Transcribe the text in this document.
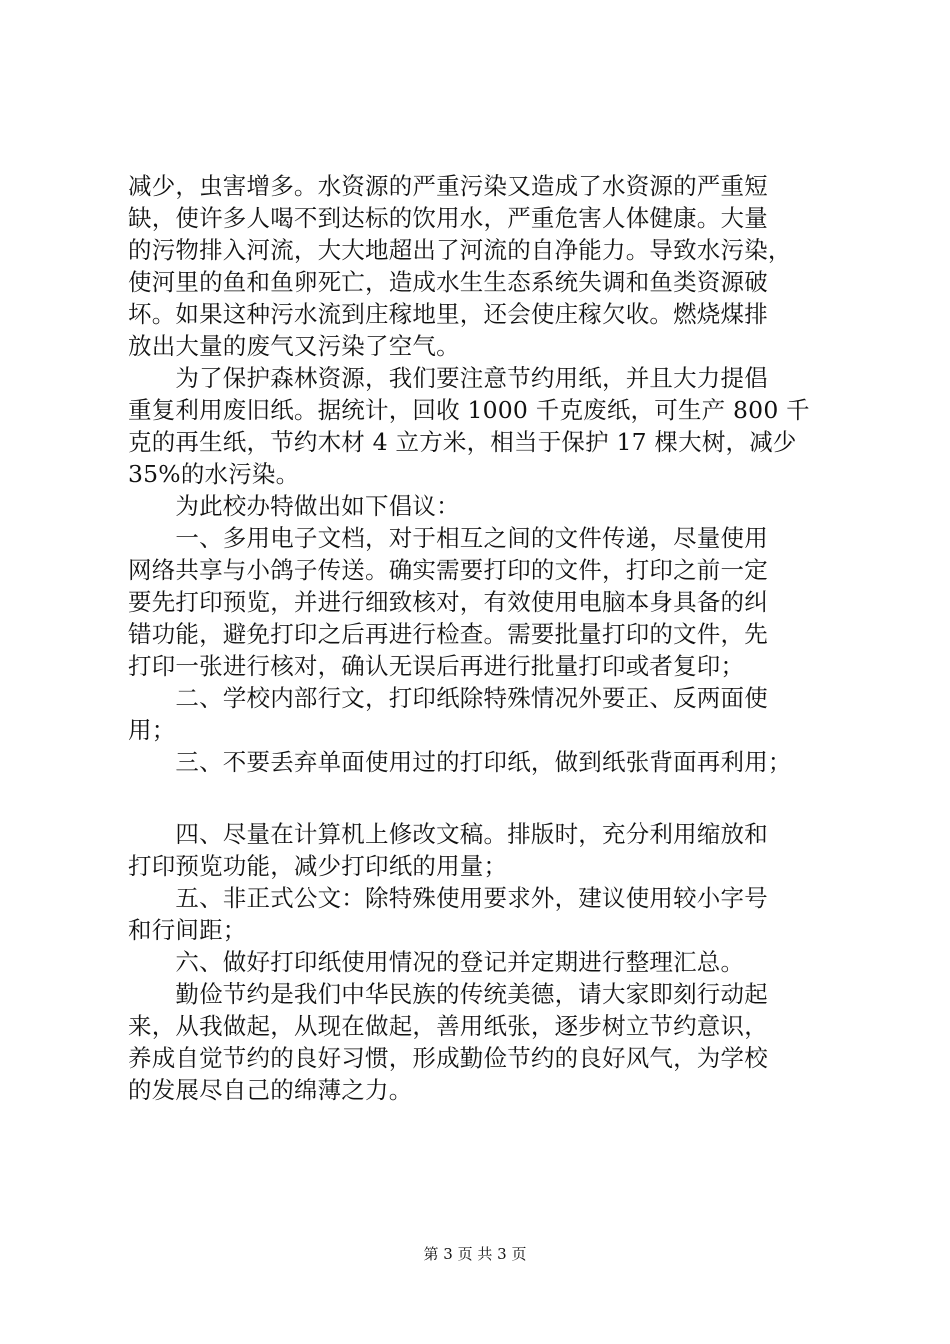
减少，虫害增多。水资源的严重污染又造成了水资源的严重短
缺，使许多人喝不到达标的饮用水，严重危害人体健康。大量
的污物排入河流，大大地超出了河流的自净能力。导致水污染，
使河里的鱼和鱼卵死亡，造成水生生态系统失调和鱼类资源破
坏。如果这种污水流到庄稼地里，还会使庄稼欠收。燃烧煤排
放出大量的废气又污染了空气。
　　为了保护森林资源，我们要注意节约用纸，并且大力提倡
重复利用废旧纸。据统计，回收 1000 千克废纸，可生产 800 千
克的再生纸，节约木材 4 立方米，相当于保护 17 棵大树，减少
35%的水污染。
　　为此校办特做出如下倡议：
　　一、多用电子文档，对于相互之间的文件传递，尽量使用
网络共享与小鸽子传送。确实需要打印的文件，打印之前一定
要先打印预览，并进行细致核对，有效使用电脑本身具备的纠
错功能，避免打印之后再进行检查。需要批量打印的文件，先
打印一张进行核对，确认无误后再进行批量打印或者复印；
　　二、学校内部行文，打印纸除特殊情况外要正、反两面使
用；
　　三、不要丢弃单面使用过的打印纸，做到纸张背面再利用；
　　四、尽量在计算机上修改文稿。排版时，充分利用缩放和
打印预览功能，减少打印纸的用量；
　　五、非正式公文：除特殊使用要求外，建议使用较小字号
和行间距；
　　六、做好打印纸使用情况的登记并定期进行整理汇总。
　　勤俭节约是我们中华民族的传统美德，请大家即刻行动起
来，从我做起，从现在做起，善用纸张，逐步树立节约意识，
养成自觉节约的良好习惯，形成勤俭节约的良好风气，为学校
的发展尽自己的绵薄之力。
第 3 页 共 3 页
